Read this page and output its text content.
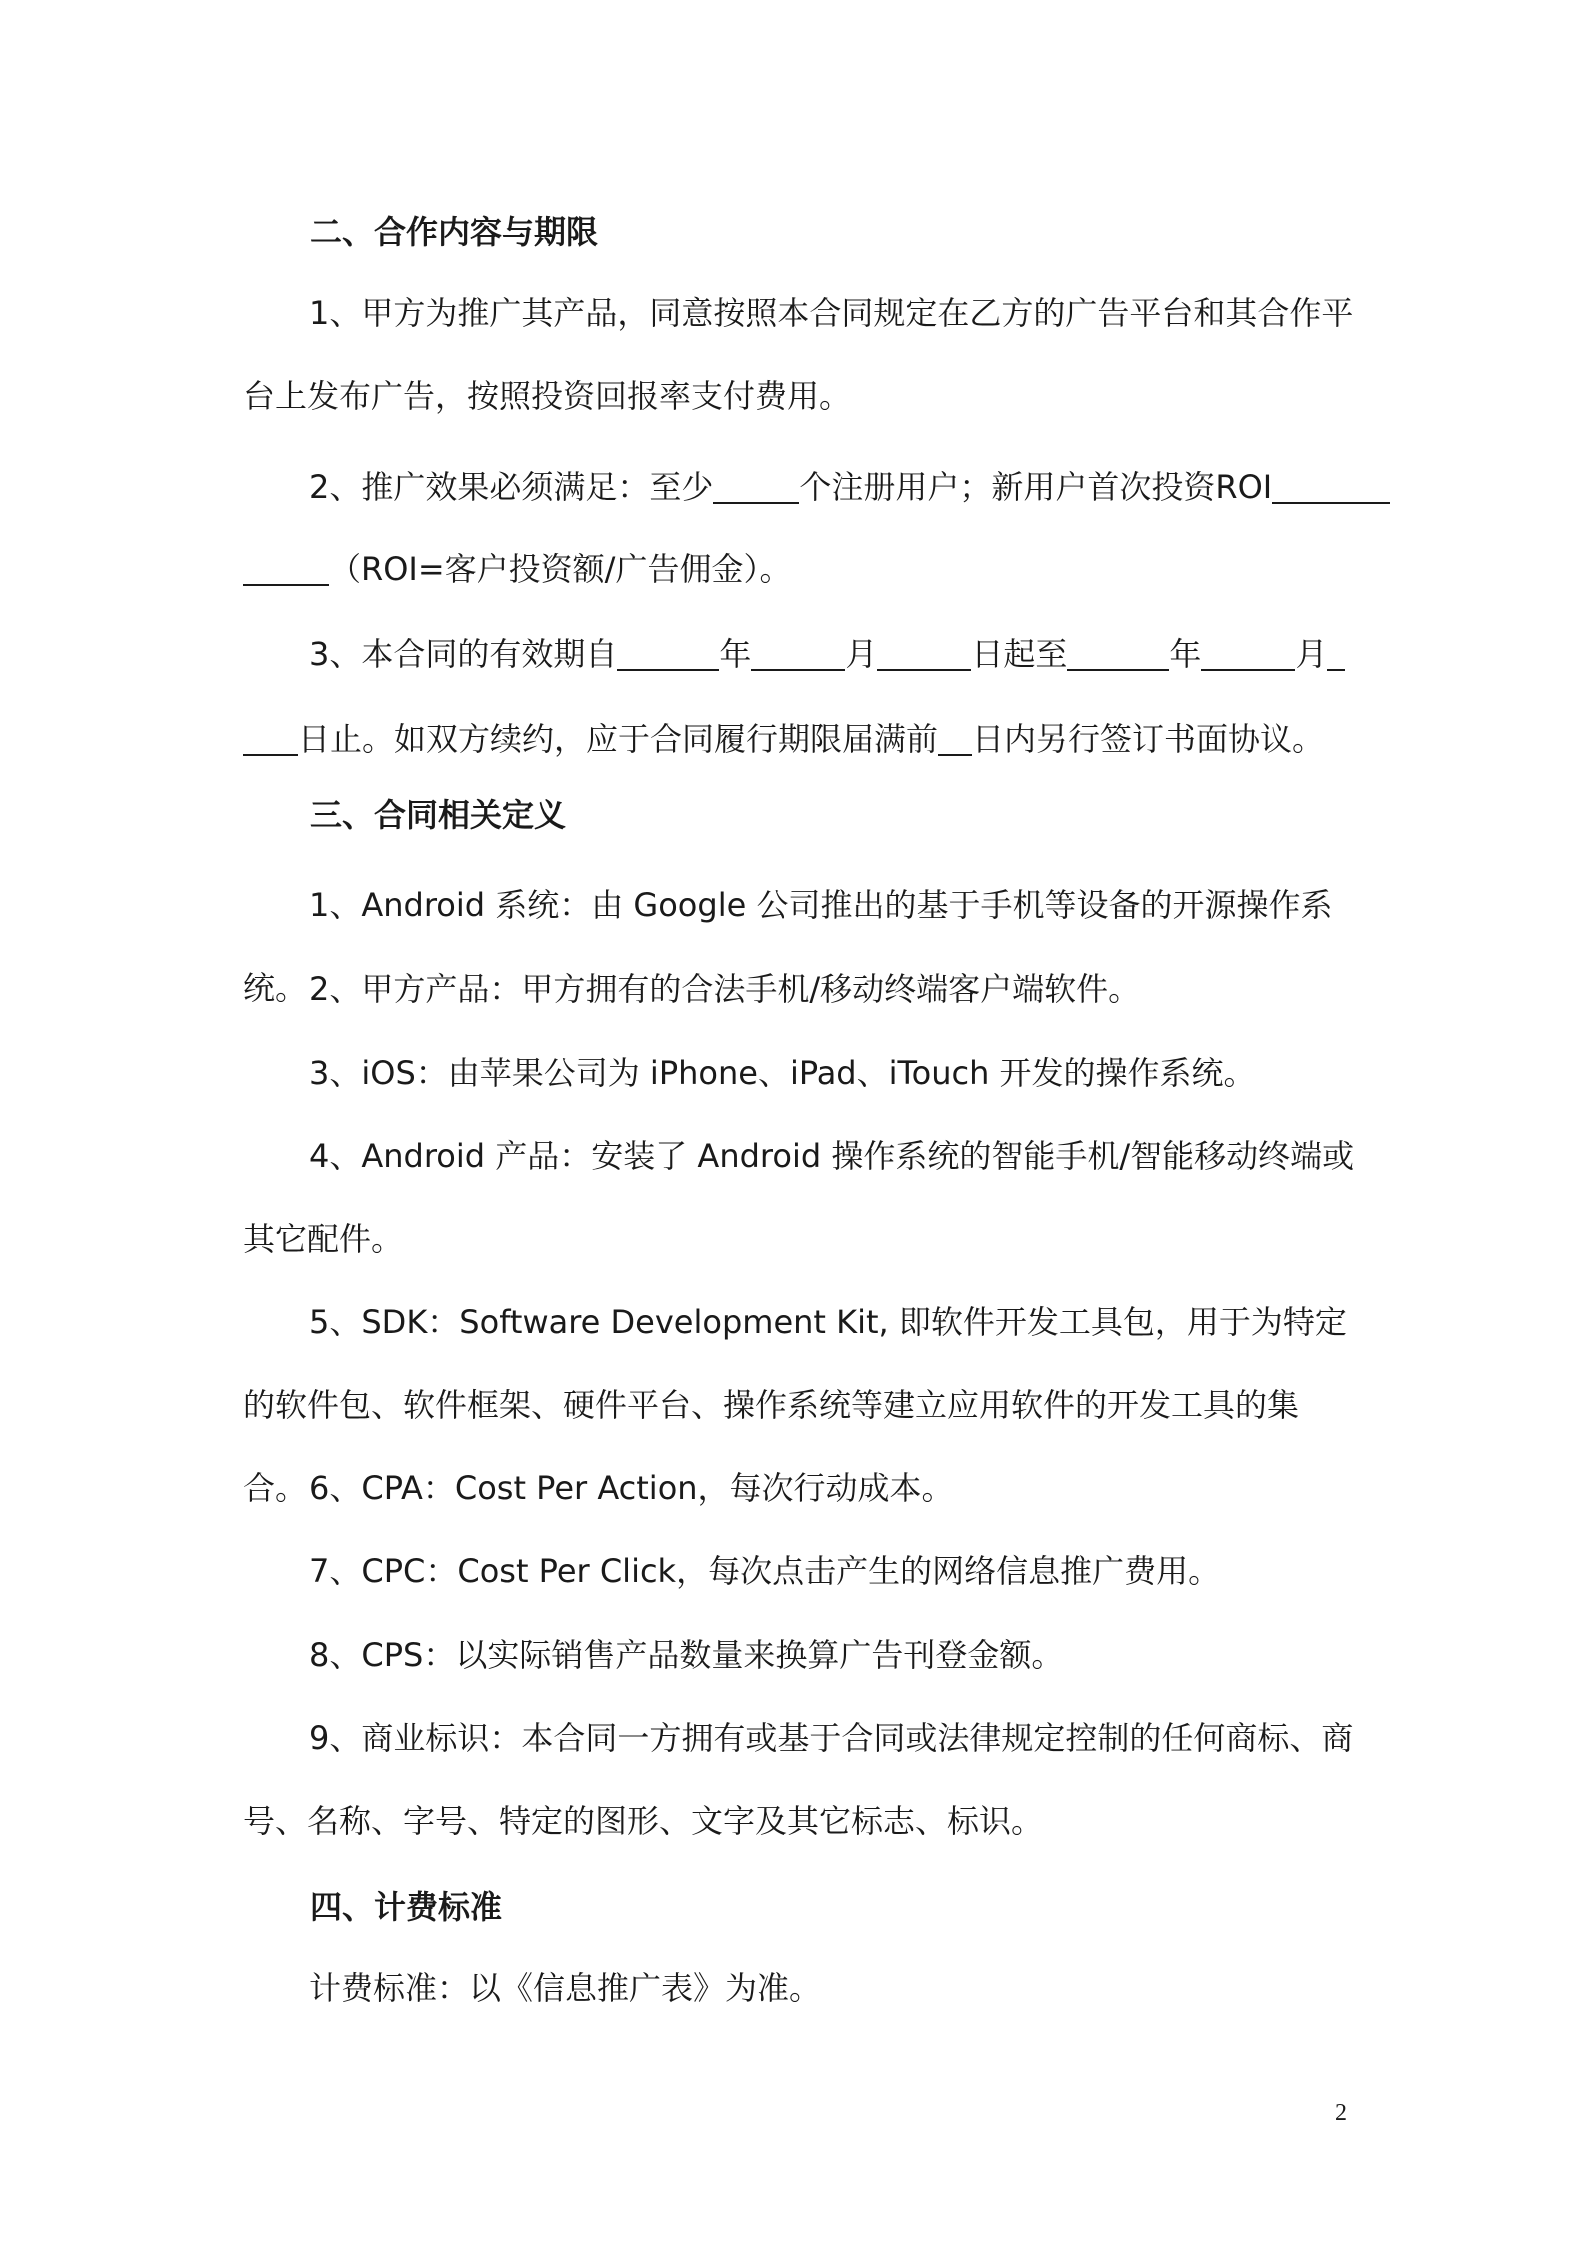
二、合作内容与期限
1、甲方为推广其产品，同意按照本合同规定在乙方的广告平台和其合作平台上发布广告，按照投资回报率支付费用。
2、推广效果必须满足：至少	个注册用户；新用户首次投资ROI
（ROI=客户投资额/广告佣金）。
3、本合同的有效期自	年	月	日起至	年	月
日止。如双方续约，应于合同履行期限届满前 日内另行签订书面协议。
三、合同相关定义
1、Android 系统：由 Google 公司推出的基于手机等设备的开源操作系统。 2、甲方产品：甲方拥有的合法手机/移动终端客户端软件。
3、iOS：由苹果公司为 iPhone、iPad、iTouch 开发的操作系统。
4、Android 产品：安装了 Android 操作系统的智能手机/智能移动终端或其它配件。
5、SDK：Software Development Kit, 即软件开发工具包，用于为特定的软件包、软件框架、硬件平台、操作系统等建立应用软件的开发工具的集合。 6、CPA：Cost Per Action，每次行动成本。
7、CPC：Cost Per Click，每次点击产生的网络信息推广费用。
8、CPS：以实际销售产品数量来换算广告刊登金额。
9、商业标识：本合同一方拥有或基于合同或法律规定控制的任何商标、商号、名称、字号、特定的图形、文字及其它标志、标识。
四、计费标准
计费标准：以《信息推广表》为准。
2
